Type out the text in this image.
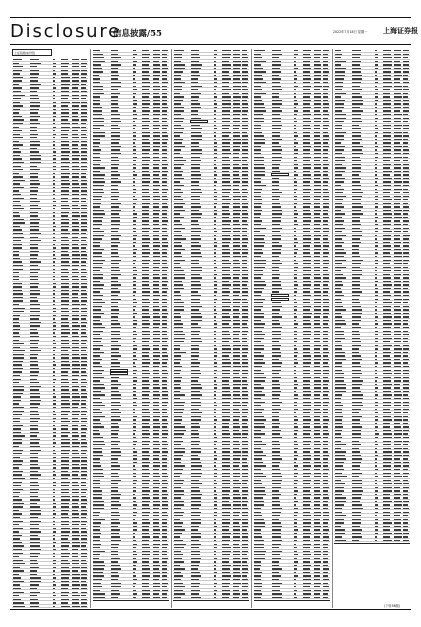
Disclosure
信息披露/55	2022年7月18日 星期一 上海证券报
上证指数成份股
(下转56版)
